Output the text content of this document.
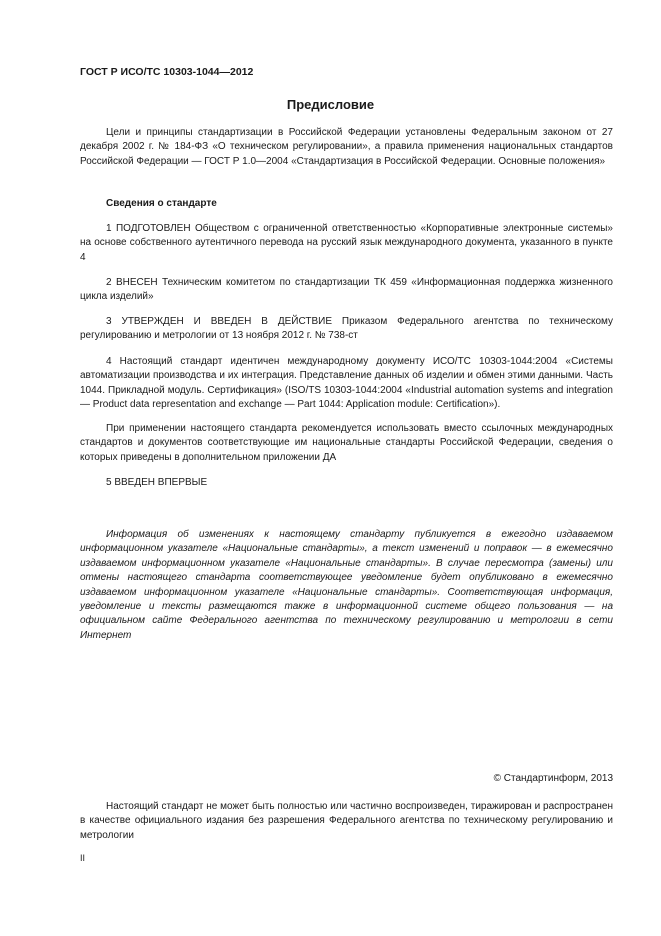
ГОСТ Р ИСО/ТС 10303-1044—2012
Предисловие
Цели и принципы стандартизации в Российской Федерации установлены Федеральным законом от 27 декабря 2002 г. № 184-ФЗ «О техническом регулировании», а правила применения национальных стандартов Российской Федерации — ГОСТ Р 1.0—2004 «Стандартизация в Российской Федерации. Основные положения»
Сведения о стандарте
1 ПОДГОТОВЛЕН Обществом с ограниченной ответственностью «Корпоративные электронные системы» на основе собственного аутентичного перевода на русский язык международного документа, указанного в пункте 4
2 ВНЕСЕН Техническим комитетом по стандартизации ТК 459 «Информационная поддержка жизненного цикла изделий»
3 УТВЕРЖДЕН И ВВЕДЕН В ДЕЙСТВИЕ Приказом Федерального агентства по техническому регулированию и метрологии от 13 ноября 2012 г. № 738-ст
4 Настоящий стандарт идентичен международному документу ИСО/ТС 10303-1044:2004 «Системы автоматизации производства и их интеграция. Представление данных об изделии и обмен этими данными. Часть 1044. Прикладной модуль. Сертификация» (ISO/TS 10303-1044:2004 «Industrial automation systems and integration — Product data representation and exchange — Part 1044: Application module: Certification»).
При применении настоящего стандарта рекомендуется использовать вместо ссылочных международных стандартов и документов соответствующие им национальные стандарты Российской Федерации, сведения о которых приведены в дополнительном приложении ДА
5 ВВЕДЕН ВПЕРВЫЕ
Информация об изменениях к настоящему стандарту публикуется в ежегодно издаваемом информационном указателе «Национальные стандарты», а текст изменений и поправок — в ежемесячно издаваемом информационном указателе «Национальные стандарты». В случае пересмотра (замены) или отмены настоящего стандарта соответствующее уведомление будет опубликовано в ежемесячно издаваемом информационном указателе «Национальные стандарты». Соответствующая информация, уведомление и тексты размещаются также в информационной системе общего пользования — на официальном сайте Федерального агентства по техническому регулированию и метрологии в сети Интернет
© Стандартинформ, 2013
Настоящий стандарт не может быть полностью или частично воспроизведен, тиражирован и распространен в качестве официального издания без разрешения Федерального агентства по техническому регулированию и метрологии
II
